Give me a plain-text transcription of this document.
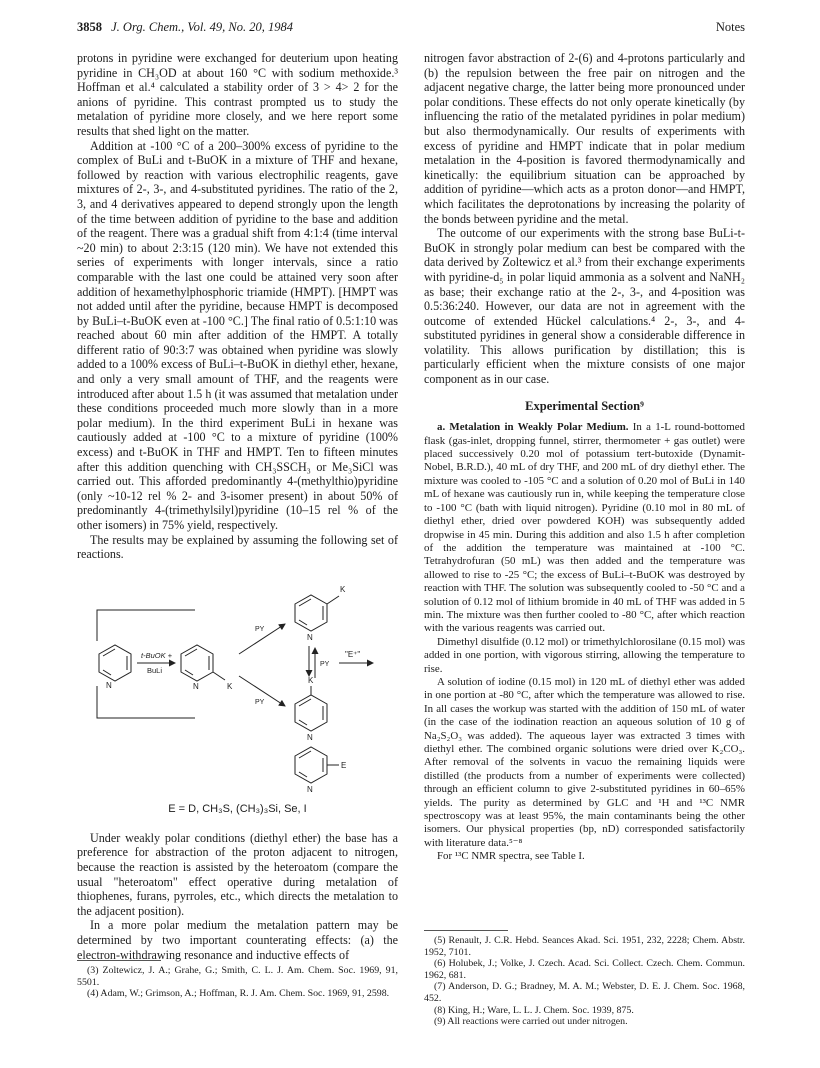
3858 J. Org. Chem., Vol. 49, No. 20, 1984	Notes

protons in pyridine were exchanged for deuterium upon heating pyridine in CH₃OD at about 160 °C with sodium methoxide.³ Hoffman et al.⁴ calculated a stability order of 3 > 4> 2 for the anions of pyridine. This contrast prompted us to study the metalation of pyridine more closely, and we here report some results that shed light on the matter.

Addition at -100 °C of a 200–300% excess of pyridine to the complex of BuLi and t-BuOK in a mixture of THF and hexane, followed by reaction with various electrophilic reagents, gave mixtures of 2-, 3-, and 4-substituted pyridines. The ratio of the 2, 3, and 4 derivatives appeared to depend strongly upon the length of the time between addition of pyridine to the base and addition of the reagent. There was a gradual shift from 4:1:4 (time interval ~20 min) to about 2:3:15 (120 min). We have not extended this series of experiments with longer intervals, since a ratio comparable with the last one could be attained very soon after addition of hexamethylphosphoric triamide (HMPT). [HMPT was not added until after the pyridine, because HMPT is decomposed by BuLi–t-BuOK even at -100 °C.] The final ratio of 0.5:1:10 was reached about 60 min after addition of the HMPT. A totally different ratio of 90:3:7 was obtained when pyridine was slowly added to a 100% excess of BuLi–t-BuOK in diethyl ether, hexane, and only a very small amount of THF, and the reagents were introduced after about 1.5 h (it was assumed that metalation under these conditions proceeded much more slowly than in a more polar medium). In the third experiment BuLi in hexane was cautiously added at -100 °C to a mixture of pyridine (100% excess) and t-BuOK in THF and HMPT. Ten to fifteen minutes after this addition quenching with CH₃SSCH₃ or Me₃SiCl was carried out. This afforded predominantly 4-(methylthio)pyridine (only ~10-12 rel % 2- and 3-isomer present) in about 50% of predominantly 4-(trimethylsilyl)pyridine (10–15 rel % of the other isomers) in 75% yield, respectively.

The results may be explained by assuming the following set of reactions.

N
t-BuOK +
BuLi
N	K
PY
PY
K
N
PY
K
N
"E⁺"
E
N
E = D, CH₃S, (CH₃)₃Si, Se, I

Under weakly polar conditions (diethyl ether) the base has a preference for abstraction of the proton adjacent to nitrogen, because the reaction is assisted by the heteroatom (compare the usual "heteroatom" effect operative during metalation of thiophenes, furans, pyrroles, etc., which directs the metalation to the adjacent position).

In a more polar medium the metalation pattern may be determined by two important counterating effects: (a) the electron-withdrawing resonance and inductive effects of

nitrogen favor abstraction of 2-(6) and 4-protons particularly and (b) the repulsion between the free pair on nitrogen and the adjacent negative charge, the latter being more pronounced under polar conditions. These effects do not only operate kinetically (by influencing the ratio of the metalated pyridines in polar medium) but also thermodynamically. Our results of experiments with excess of pyridine and HMPT indicate that in polar medium metalation in the 4-position is favored thermodynamically and kinetically: the equilibrium situation can be approached by addition of pyridine—which acts as a proton donor—and HMPT, which facilitates the deprotonations by increasing the polarity of the bonds between pyridine and the metal.

The outcome of our experiments with the strong base BuLi-t-BuOK in strongly polar medium can best be compared with the data derived by Zoltewicz et al.³ from their exchange experiments with pyridine-d₅ in polar liquid ammonia as a solvent and NaNH₂ as base; their exchange ratio at the 2-, 3-, and 4-position was 0.5:36:240. However, our data are not in agreement with the outcome of extended Hückel calculations.⁴ 2-, 3-, and 4-substituted pyridines in general show a considerable difference in volatility. This allows purification by distillation; this is particularly efficient when the mixture consists of one major component as in our case.

Experimental Section⁹

a. Metalation in Weakly Polar Medium. In a 1-L round-bottomed flask (gas-inlet, dropping funnel, stirrer, thermometer + gas outlet) were placed successively 0.20 mol of potassium tert-butoxide (Dynamit-Nobel, B.R.D.), 40 mL of dry THF, and 200 mL of dry diethyl ether. The mixture was cooled to -105 °C and a solution of 0.20 mol of BuLi in 140 mL of hexane was cautiously run in, while keeping the temperature close to -100 °C (bath with liquid nitrogen). Pyridine (0.10 mol in 80 mL of diethyl ether, dried over powdered KOH) was subsequently added dropwise in 45 min. During this addition and also 1.5 h after completion of the addition the temperature was maintained at -100 °C. Tetrahydrofuran (50 mL) was then added and the temperature was allowed to rise to -25 °C; the excess of BuLi–t-BuOK was destroyed by reaction with THF. The solution was subsequently cooled to -50 °C and a solution of 0.12 mol of lithium bromide in 40 mL of THF was added in 5 min. The mixture was then further cooled to -80 °C, after which reaction with the various reagents was carried out.

Dimethyl disulfide (0.12 mol) or trimethylchlorosilane (0.15 mol) was added in one portion, with vigorous stirring, allowing the temperature to rise.

A solution of iodine (0.15 mol) in 120 mL of diethyl ether was added in one portion at -80 °C, after which the temperature was allowed to rise. In all cases the workup was started with the addition of 150 mL of water (in the case of the iodination reaction an aqueous solution of 10 g of Na₂S₂O₃ was added). The aqueous layer was extracted 3 times with diethyl ether. The combined organic solutions were dried over K₂CO₃. After removal of the solvents in vacuo the remaining liquids were distilled (the products from a number of experiments were collected) through an efficient column to give 2-substituted pyridines in 60–65% yields. The purity as determined by GLC and ¹H and ¹³C NMR spectroscopy was at least 95%, the main contaminants being the other isomers. Our physical properties (bp, nD) corresponded satisfactorily with literature data.⁵⁻⁸

For ¹³C NMR spectra, see Table I.

(3) Zoltewicz, J. A.; Grahe, G.; Smith, C. L. J. Am. Chem. Soc. 1969, 91, 5501.

(4) Adam, W.; Grimson, A.; Hoffman, R. J. Am. Chem. Soc. 1969, 91, 2598.

(5) Renault, J. C.R. Hebd. Seances Akad. Sci. 1951, 232, 2228; Chem. Abstr. 1952, 7101.

(6) Holubek, J.; Volke, J. Czech. Acad. Sci. Collect. Czech. Chem. Commun. 1962, 681.

(7) Anderson, D. G.; Bradney, M. A. M.; Webster, D. E. J. Chem. Soc. 1968, 452.

(8) King, H.; Ware, L. L. J. Chem. Soc. 1939, 875.

(9) All reactions were carried out under nitrogen.
